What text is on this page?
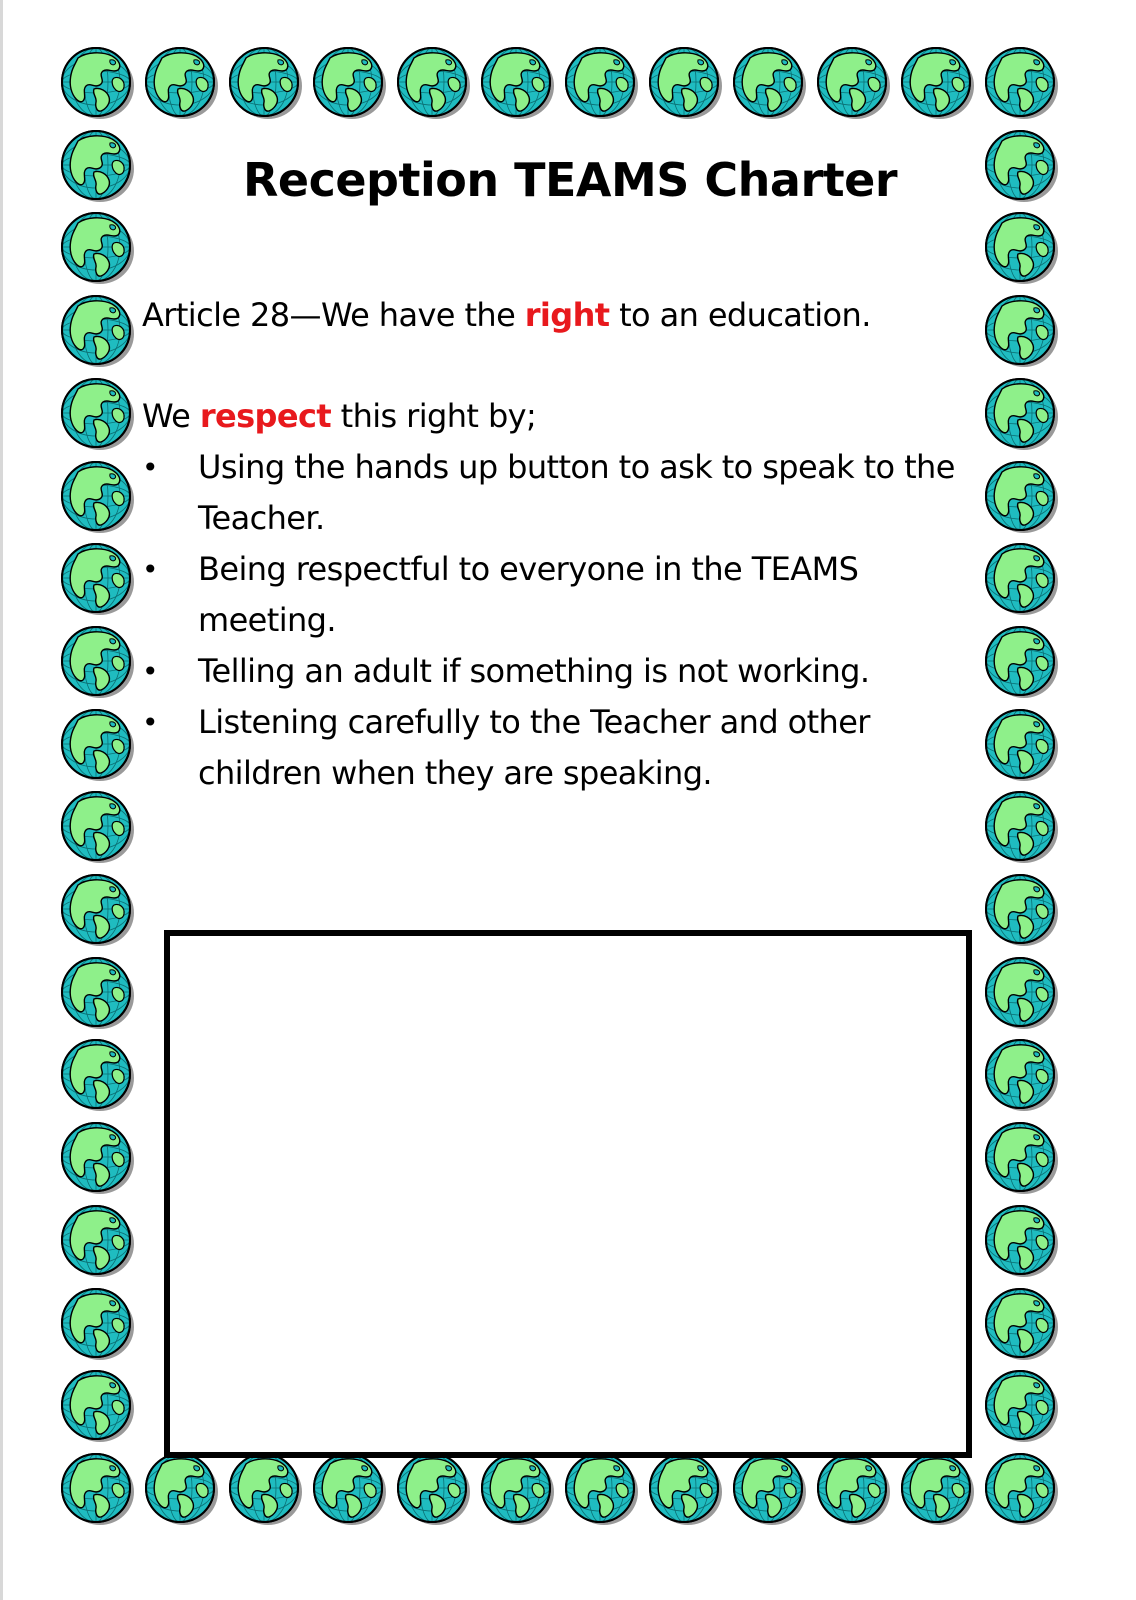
Reception TEAMS Charter

Article 28—We have the right to an education.

We respect this right by;

• Using the hands up button to ask to speak to the Teacher.
• Being respectful to everyone in the TEAMS meeting.
• Telling an adult if something is not working.
• Listening carefully to the Teacher and other children when they are speaking.
